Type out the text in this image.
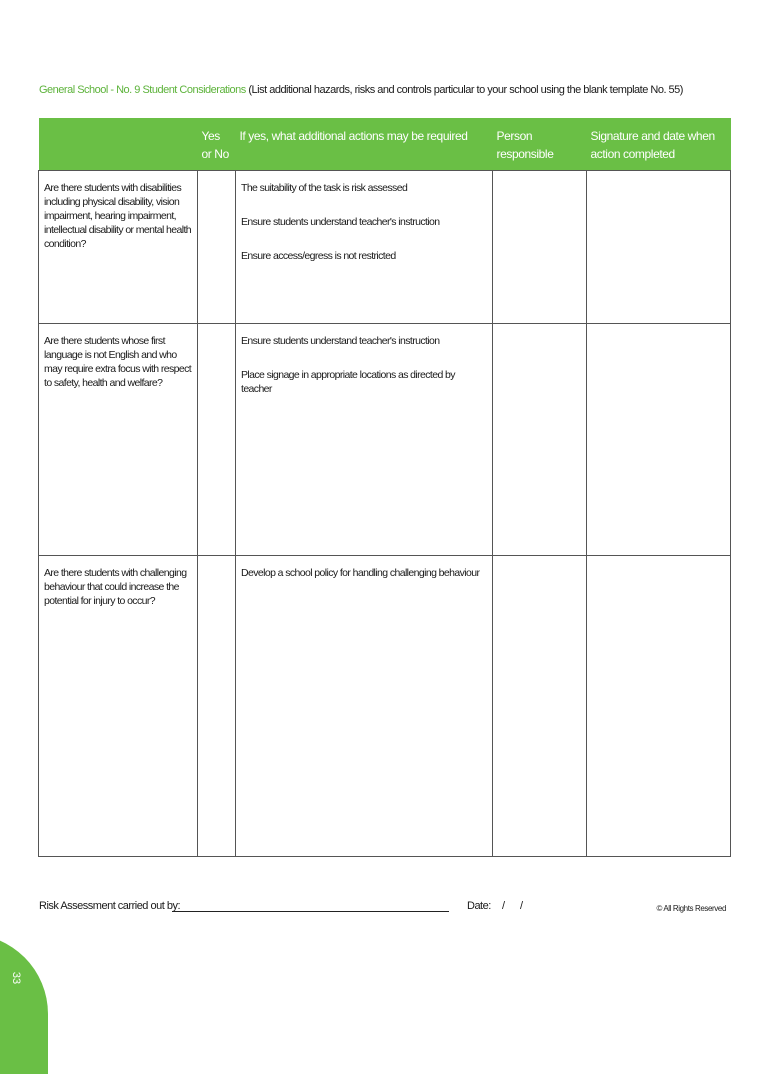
General School - No. 9 Student Considerations (List additional hazards, risks and controls particular to your school using the blank template No. 55)
	Yes or No	If yes, what additional actions may be required	Person responsible	Signature and date when action completed
Are there students with disabilities including physical disability, vision impairment, hearing impairment, intellectual disability or mental health condition?		The suitability of the task is risk assessed

Ensure students understand teacher's instruction

Ensure access/egress is not restricted		

Are there students whose first language is not English and who may require extra focus with respect to safety, health and welfare?		Ensure students understand teacher's instruction

Place signage in appropriate locations as directed by teacher		

Are there students with challenging behaviour that could increase the potential for injury to occur?		Develop a school policy for handling challenging behaviour		

Risk Assessment carried out by:	Date: / /	© All Rights Reserved
33
